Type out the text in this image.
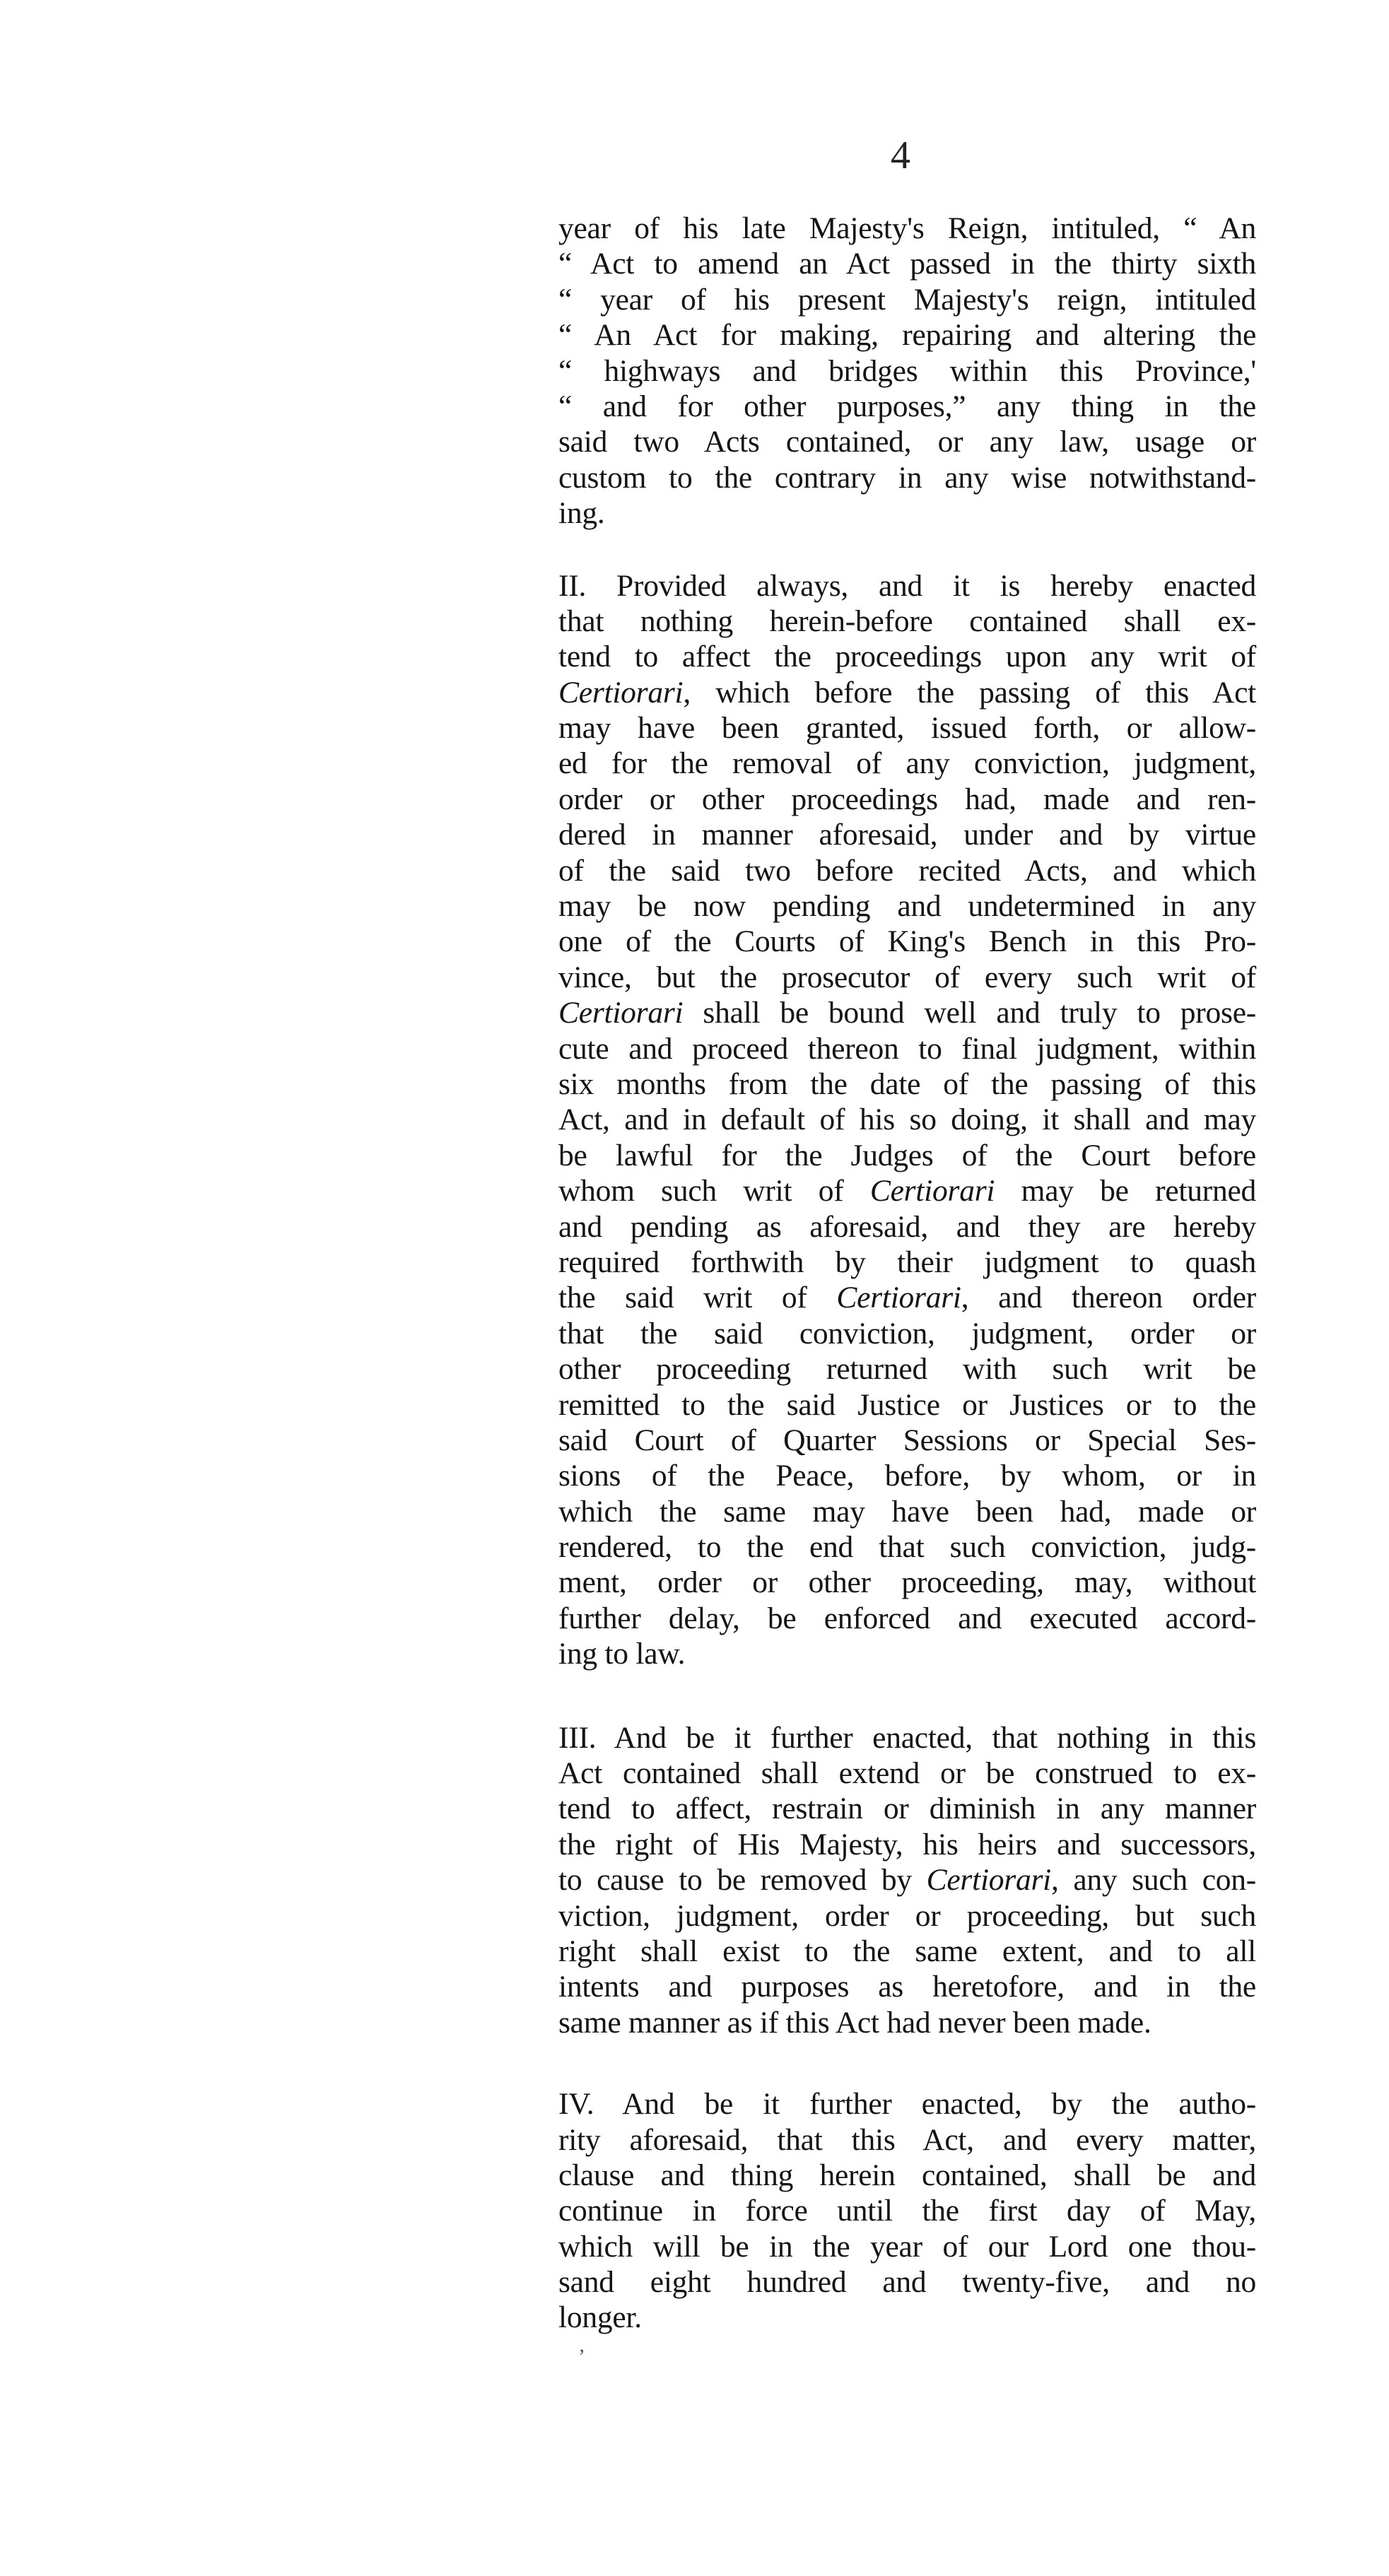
4
year of his late Majesty's Reign, intituled, “ An
“ Act to amend an Act passed in the thirty sixth
“ year of his present Majesty's reign, intituled
“ An Act for making, repairing and altering the
“ highways and bridges within this Province,'
“ and for other purposes,” any thing in the
said two Acts contained, or any law, usage or
custom to the contrary in any wise notwithstand-
ing.
II. Provided always, and it is hereby enacted
that nothing herein-before contained shall ex-
tend to affect the proceedings upon any writ of
Certiorari, which before the passing of this Act
may have been granted, issued forth, or allow-
ed for the removal of any conviction, judgment,
order or other proceedings had, made and ren-
dered in manner aforesaid, under and by virtue
of the said two before recited Acts, and which
may be now pending and undetermined in any
one of the Courts of King's Bench in this Pro-
vince, but the prosecutor of every such writ of
Certiorari shall be bound well and truly to prose-
cute and proceed thereon to final judgment, within
six months from the date of the passing of this
Act, and in default of his so doing, it shall and may
be lawful for the Judges of the Court before
whom such writ of Certiorari may be returned
and pending as aforesaid, and they are hereby
required forthwith by their judgment to quash
the said writ of Certiorari, and thereon order
that the said conviction, judgment, order or
other proceeding returned with such writ be
remitted to the said Justice or Justices or to the
said Court of Quarter Sessions or Special Ses-
sions of the Peace, before, by whom, or in
which the same may have been had, made or
rendered, to the end that such conviction, judg-
ment, order or other proceeding, may, without
further delay, be enforced and executed accord-
ing to law.
III. And be it further enacted, that nothing in this
Act contained shall extend or be construed to ex-
tend to affect, restrain or diminish in any manner
the right of His Majesty, his heirs and successors,
to cause to be removed by Certiorari, any such con-
viction, judgment, order or proceeding, but such
right shall exist to the same extent, and to all
intents and purposes as heretofore, and in the
same manner as if this Act had never been made.
IV. And be it further enacted, by the autho-
rity aforesaid, that this Act, and every matter,
clause and thing herein contained, shall be and
continue in force until the first day of May,
which will be in the year of our Lord one thou-
sand eight hundred and twenty-five, and no
longer.
’
